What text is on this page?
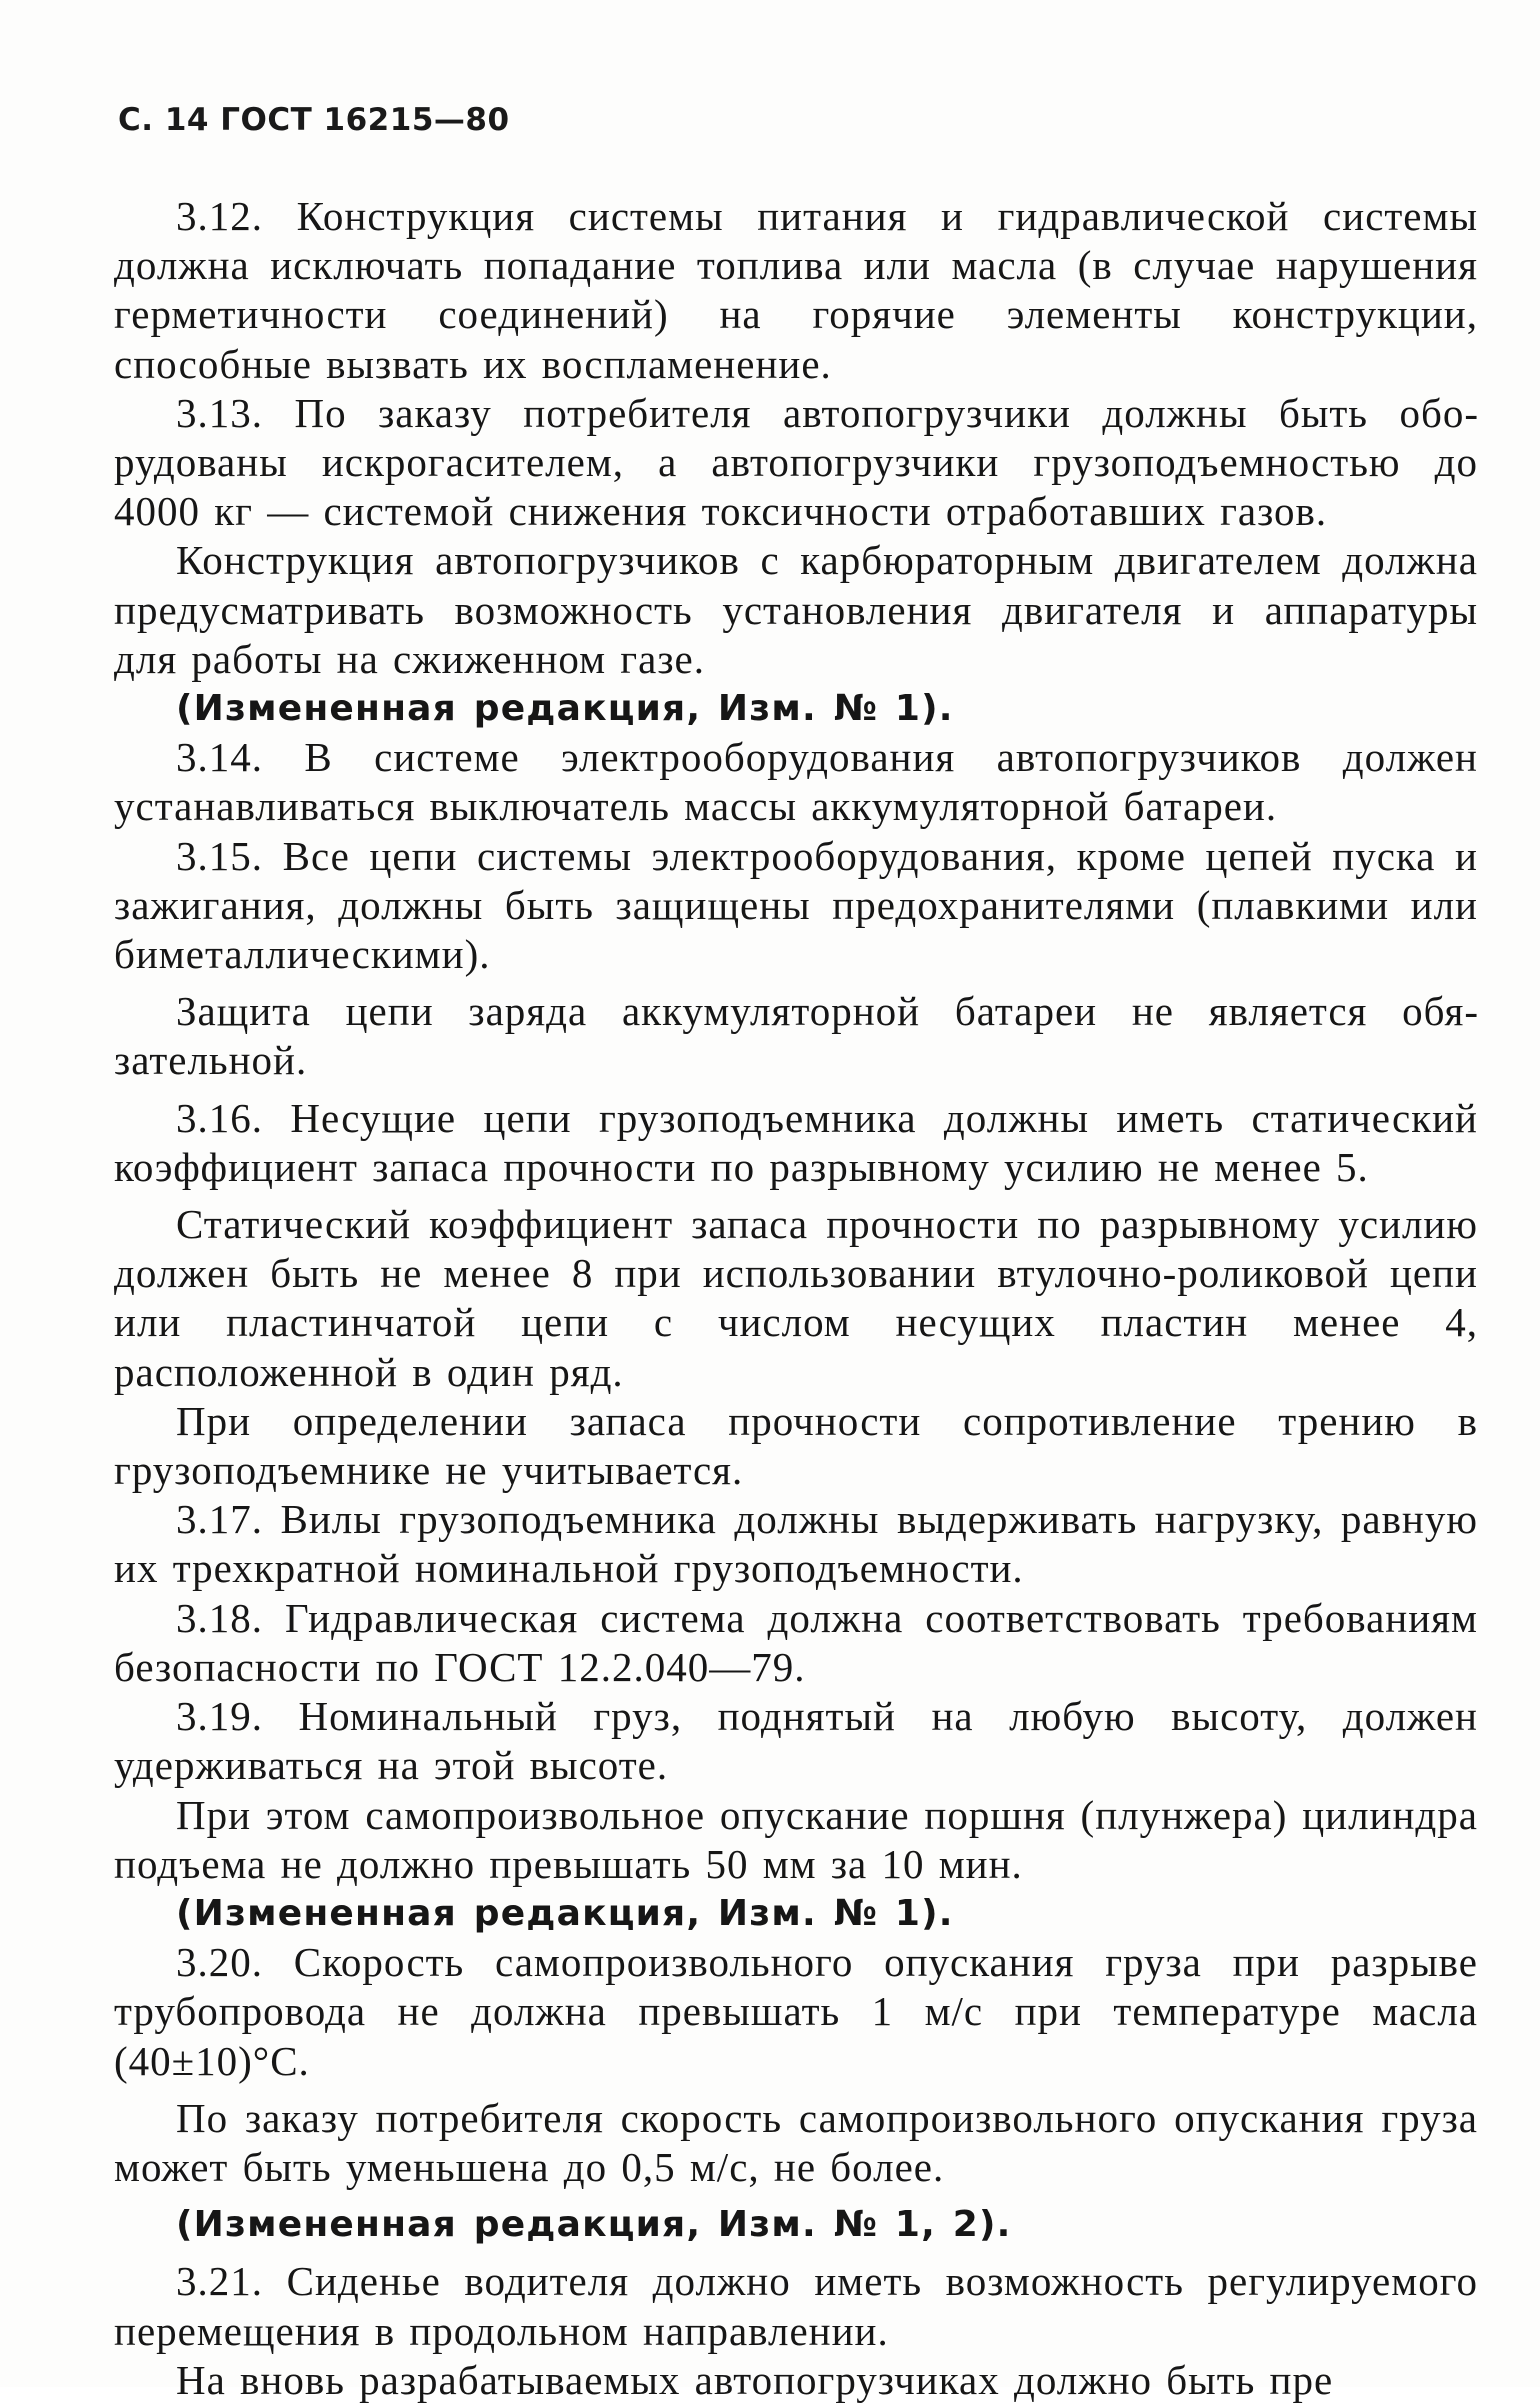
С. 14 ГОСТ 16215—80

3.12. Конструкция системы питания и гидравлической системы должна исключать попадание топлива или масла (в случае нарушения герметичности соединений) на горячие элементы конструкции, способные вызвать их воспламенение.

3.13. По заказу потребителя автопогрузчики должны быть оборудованы искрогасителем, а автопогрузчики грузоподъемностью до 4000 кг — системой снижения токсичности отработавших газов.

Конструкция автопогрузчиков с карбюраторным двигателем должна предусматривать возможность установления двигателя и аппаратуры для работы на сжиженном газе.

(Измененная редакция, Изм. № 1).

3.14. В системе электрооборудования автопогрузчиков должен устанавливаться выключатель массы аккумуляторной батареи.

3.15. Все цепи системы электрооборудования, кроме цепей пуска и зажигания, должны быть защищены предохранителями (плавкими или биметаллическими).

Защита цепи заряда аккумуляторной батареи не является обязательной.

3.16. Несущие цепи грузоподъемника должны иметь статический коэффициент запаса прочности по разрывному усилию не менее 5.

Статический коэффициент запаса прочности по разрывному усилию должен быть не менее 8 при использовании втулочно-роликовой цепи или пластинчатой цепи с числом несущих пластин менее 4, расположенной в один ряд.

При определении запаса прочности сопротивление трению в грузоподъемнике не учитывается.

3.17. Вилы грузоподъемника должны выдерживать нагрузку, равную их трехкратной номинальной грузоподъемности.

3.18. Гидравлическая система должна соответствовать требованиям безопасности по ГОСТ 12.2.040—79.

3.19. Номинальный груз, поднятый на любую высоту, должен удерживаться на этой высоте.

При этом самопроизвольное опускание поршня (плунжера) цилиндра подъема не должно превышать 50 мм за 10 мин.

(Измененная редакция, Изм. № 1).

3.20. Скорость самопроизвольного опускания груза при разрыве трубопровода не должна превышать 1 м/с при температуре масла (40±10)°С.

По заказу потребителя скорость самопроизвольного опускания груза может быть уменьшена до 0,5 м/с, не более.

(Измененная редакция, Изм. № 1, 2).

3.21. Сиденье водителя должно иметь возможность регулируемого перемещения в продольном направлении.

На вновь разрабатываемых автопогрузчиках должно быть пре
